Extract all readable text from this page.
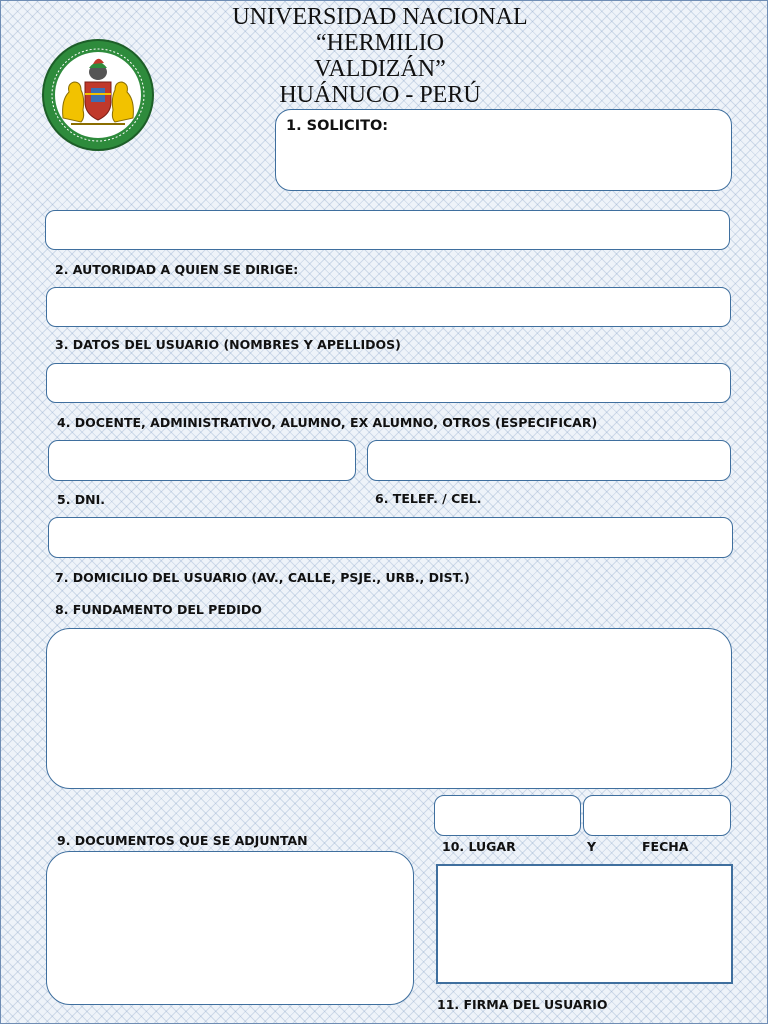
UNIVERSIDAD NACIONAL “HERMILIO
VALDIZÁN”
HUÁNUCO - PERÚ
1. SOLICITO:
2. AUTORIDAD A QUIEN SE DIRIGE:
3. DATOS DEL USUARIO (NOMBRES Y APELLIDOS)
4. DOCENTE, ADMINISTRATIVO, ALUMNO, EX ALUMNO, OTROS (ESPECIFICAR)
5. DNI.	6. TELEF. / CEL.
7. DOMICILIO DEL USUARIO (AV., CALLE, PSJE., URB., DIST.)
8. FUNDAMENTO DEL PEDIDO
10. LUGAR	Y	FECHA
9. DOCUMENTOS QUE SE ADJUNTAN
11. FIRMA DEL USUARIO
